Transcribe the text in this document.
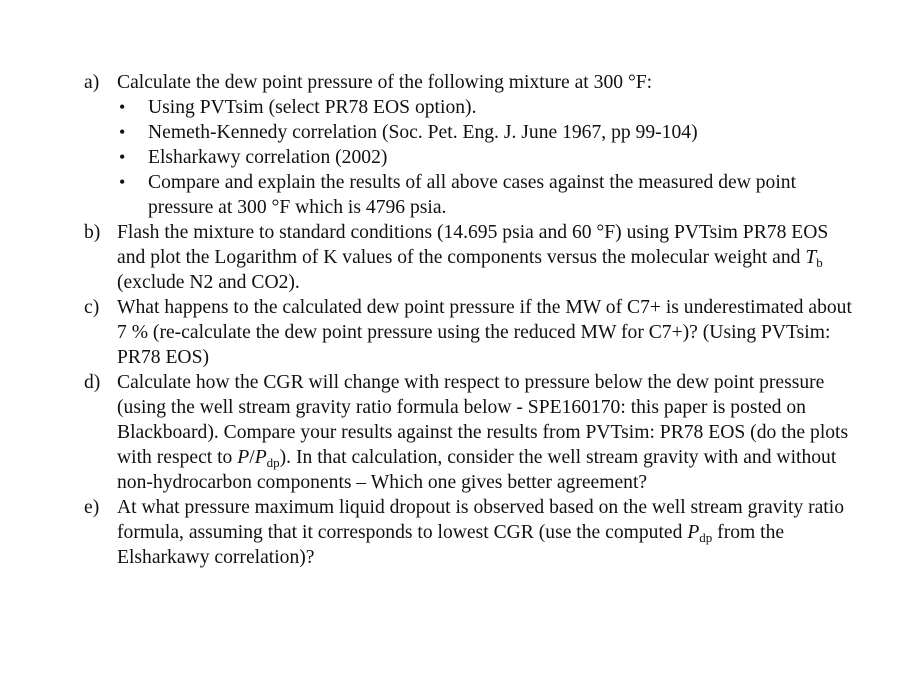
a) Calculate the dew point pressure of the following mixture at 300 °F:
•	Using PVTsim (select PR78 EOS option).
•	Nemeth-Kennedy correlation (Soc. Pet. Eng. J. June 1967, pp 99-104)
•	Elsharkawy correlation (2002)
•	Compare and explain the results of all above cases against the measured dew point pressure at 300 °F which is 4796 psia.
b) Flash the mixture to standard conditions (14.695 psia and 60 °F) using PVTsim PR78 EOS and plot the Logarithm of K values of the components versus the molecular weight and $T_b$ (exclude N2 and CO2).
c) What happens to the calculated dew point pressure if the MW of C7+ is underestimated about 7 % (re-calculate the dew point pressure using the reduced MW for C7+)? (Using PVTsim: PR78 EOS)
d) Calculate how the CGR will change with respect to pressure below the dew point pressure (using the well stream gravity ratio formula below - SPE160170: this paper is posted on Blackboard). Compare your results against the results from PVTsim: PR78 EOS (do the plots with respect to $P/P_{dp}$). In that calculation, consider the well stream gravity with and without non-hydrocarbon components – Which one gives better agreement?
e) At what pressure maximum liquid dropout is observed based on the well stream gravity ratio formula, assuming that it corresponds to lowest CGR (use the computed $P_{dp}$ from the Elsharkawy correlation)?
